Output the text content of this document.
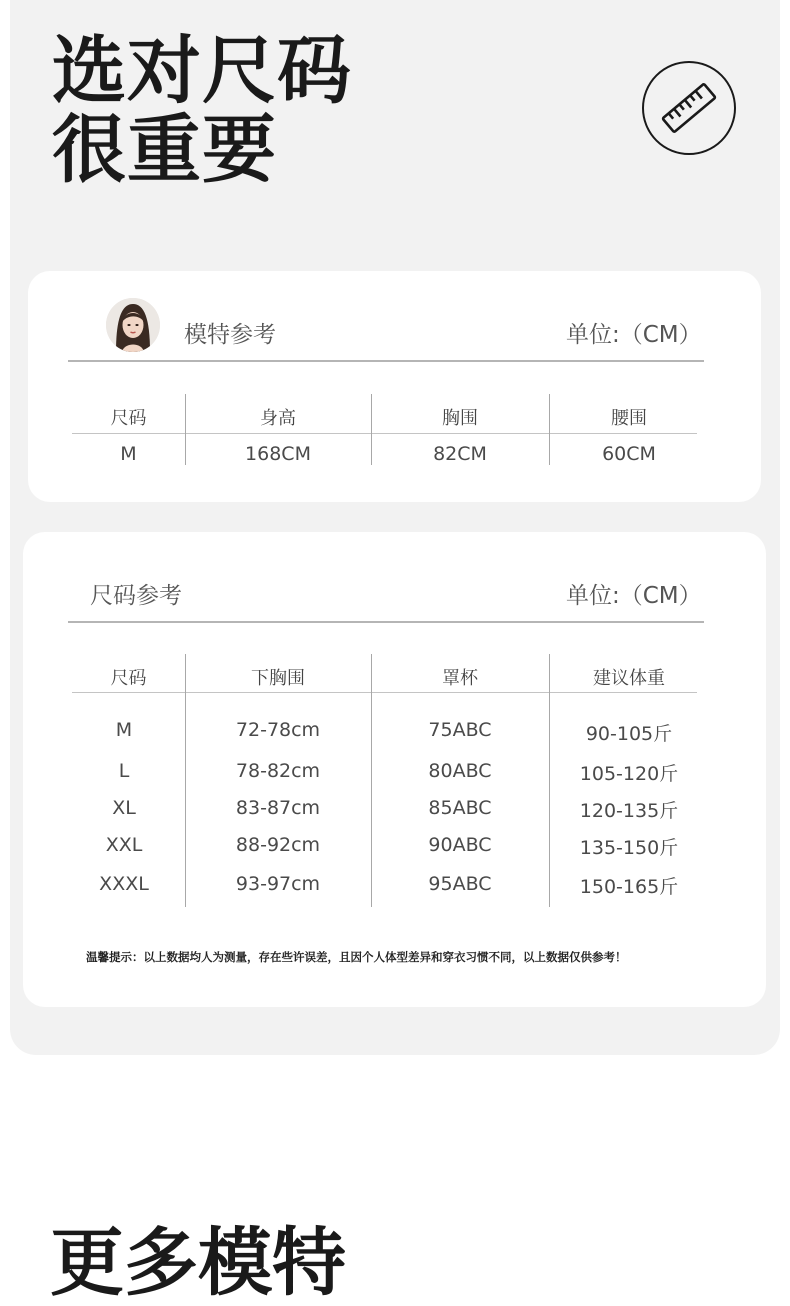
选对尺码
很重要
模特参考	单位:（CM）
尺码	身高	胸围	腰围
M	168CM	82CM	60CM
尺码参考	单位:（CM）
尺码	下胸围	罩杯	建议体重
M	72-78cm	75ABC	90-105斤
L	78-82cm	80ABC	105-120斤
XL	83-87cm	85ABC	120-135斤
XXL	88-92cm	90ABC	135-150斤
XXXL	93-97cm	95ABC	150-165斤
温馨提示：以上数据均人为测量，存在些许误差，且因个人体型差异和穿衣习惯不同，以上数据仅供参考！
更多模特
